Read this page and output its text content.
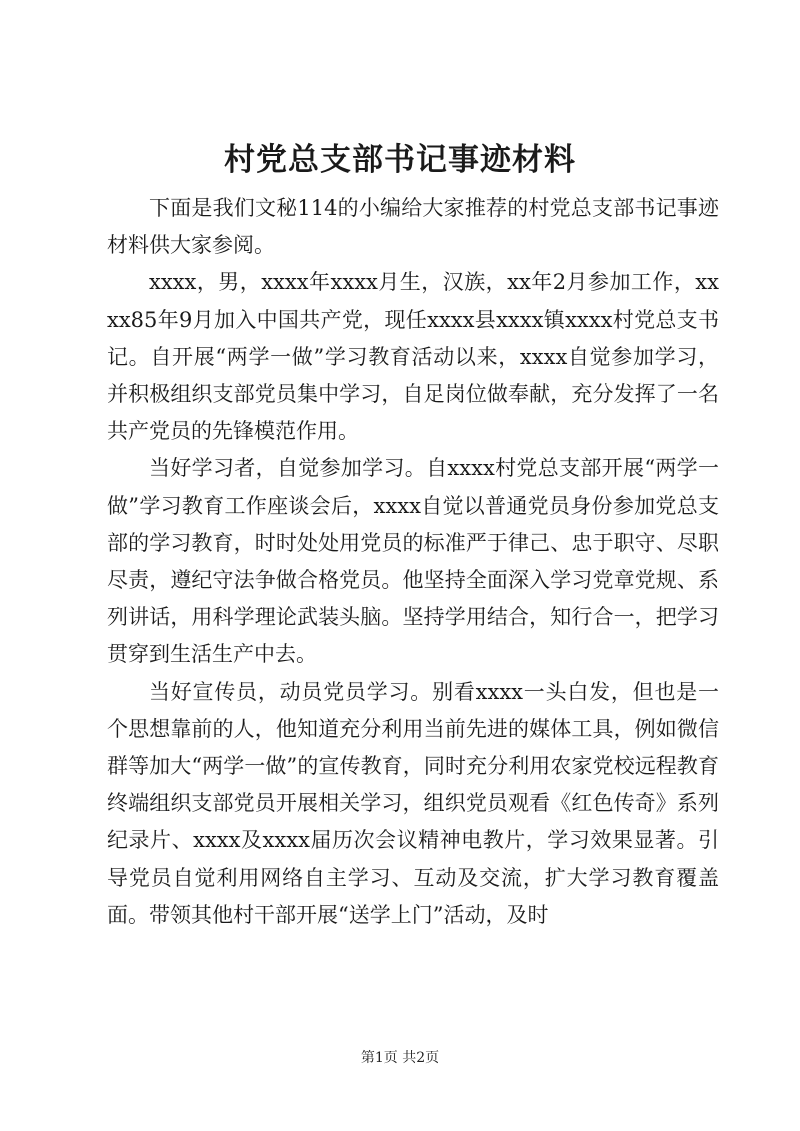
村党总支部书记事迹材料

下面是我们文秘114的小编给大家推荐的村党总支部书记事迹材料供大家参阅。

xxxx，男，xxxx年xxxx月生，汉族，xx年2月参加工作，xxxx85年9月加入中国共产党，现任xxxx县xxxx镇xxxx村党总支书记。自开展“两学一做”学习教育活动以来，xxxx自觉参加学习，并积极组织支部党员集中学习，自足岗位做奉献，充分发挥了一名共产党员的先锋模范作用。

当好学习者，自觉参加学习。自xxxx村党总支部开展“两学一做”学习教育工作座谈会后，xxxx自觉以普通党员身份参加党总支部的学习教育，时时处处用党员的标准严于律己、忠于职守、尽职尽责，遵纪守法争做合格党员。他坚持全面深入学习党章党规、系列讲话，用科学理论武装头脑。坚持学用结合，知行合一，把学习贯穿到生活生产中去。

当好宣传员，动员党员学习。别看xxxx一头白发，但也是一个思想靠前的人，他知道充分利用当前先进的媒体工具，例如微信群等加大“两学一做”的宣传教育，同时充分利用农家党校远程教育终端组织支部党员开展相关学习，组织党员观看《红色传奇》系列纪录片、xxxx及xxxx届历次会议精神电教片，学习效果显著。引导党员自觉利用网络自主学习、互动及交流，扩大学习教育覆盖面。带领其他村干部开展“送学上门”活动，及时

第1页 共2页
